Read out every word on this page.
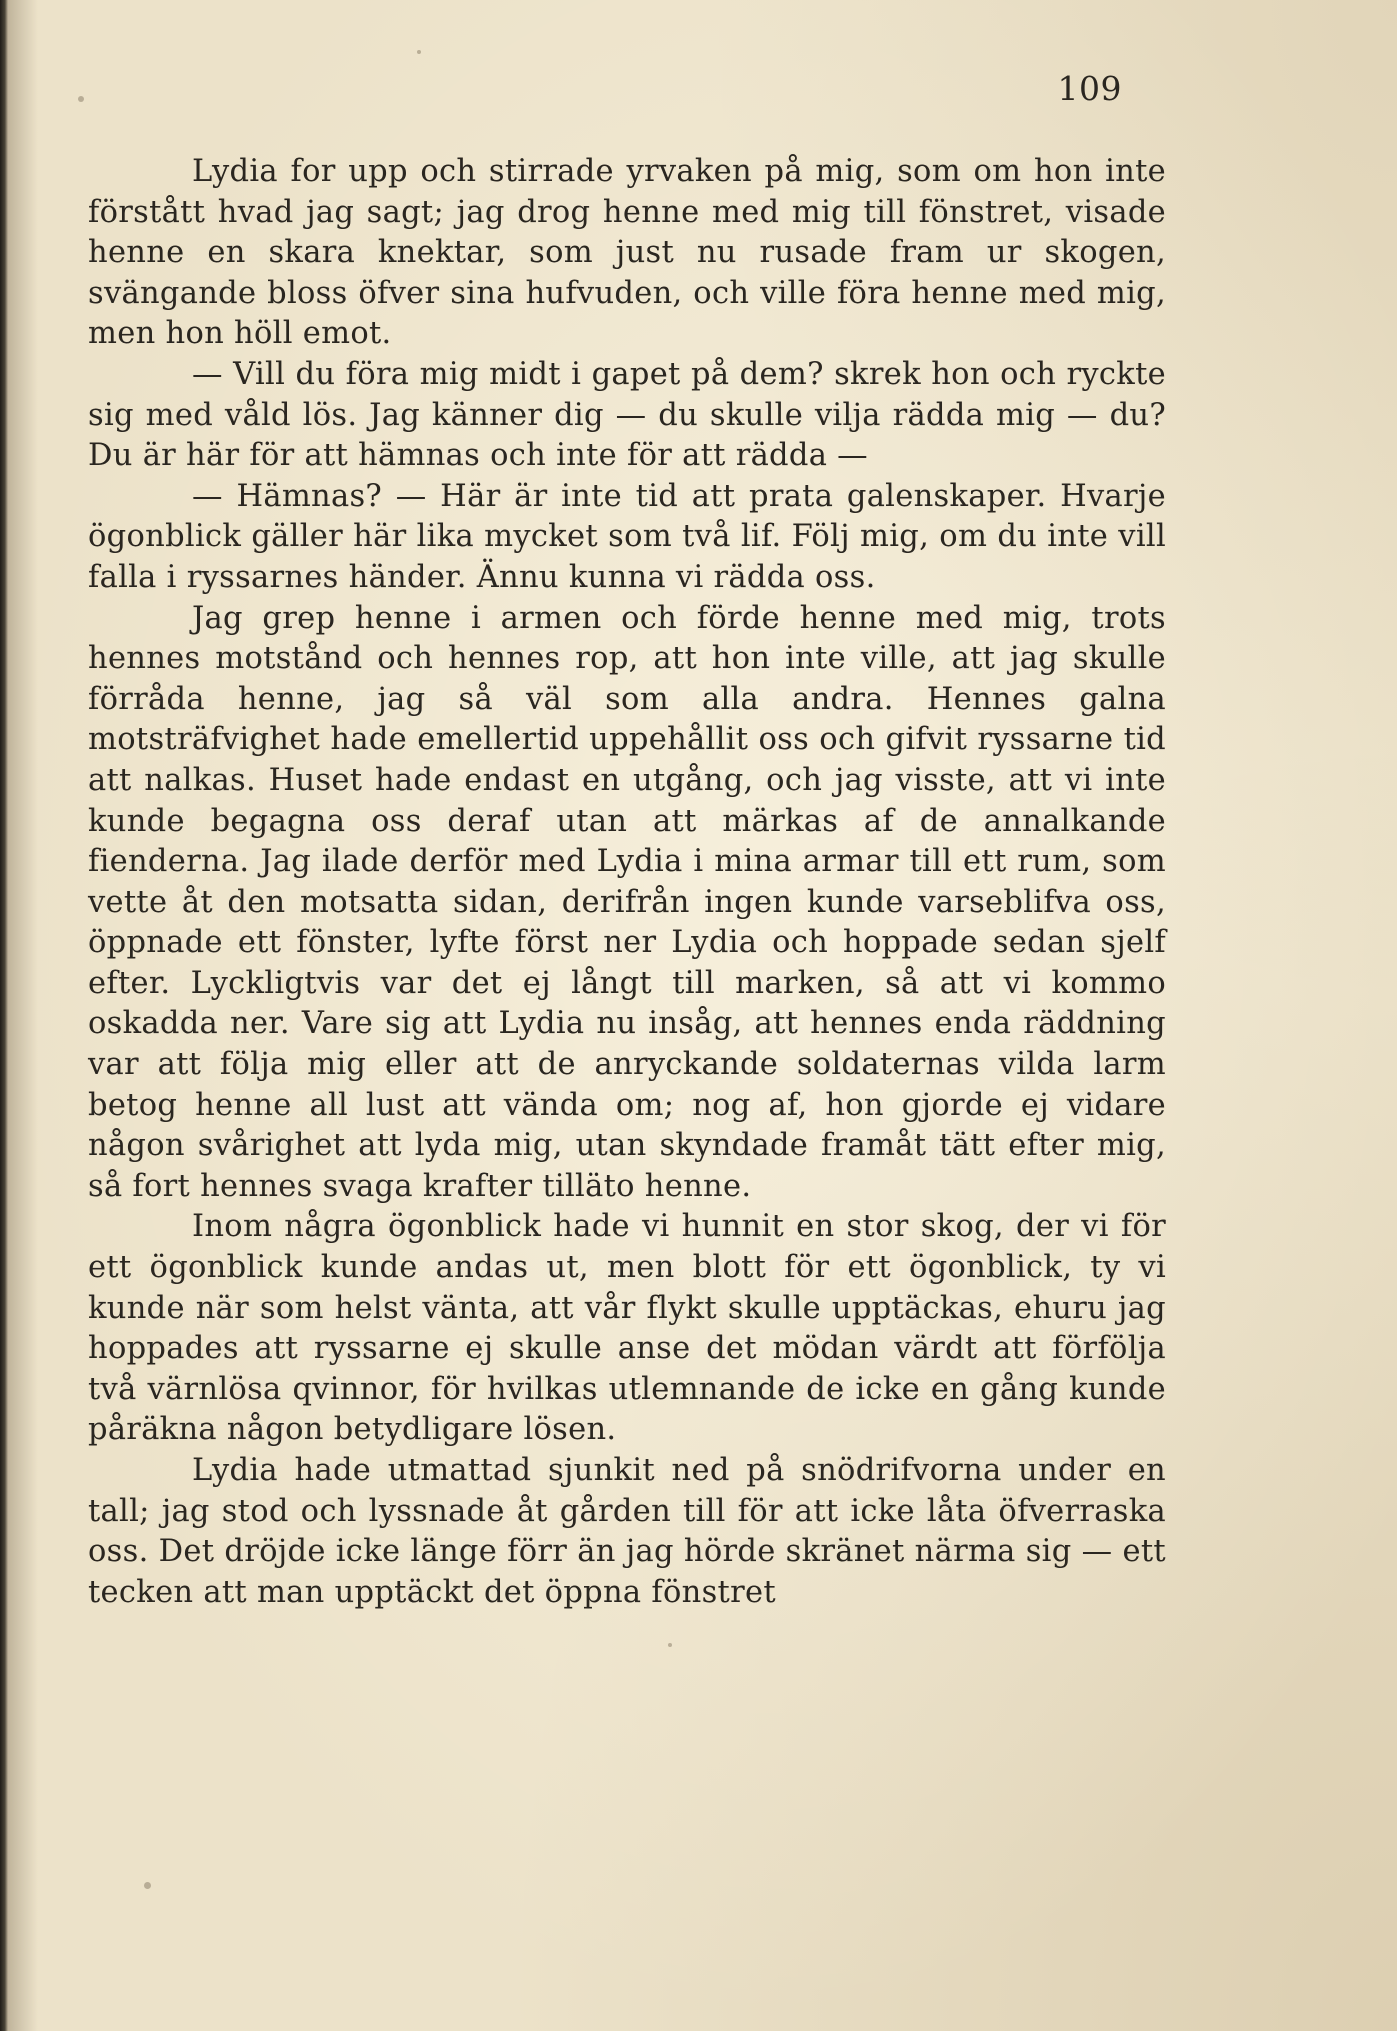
109

Lydia for upp och stirrade yrvaken på mig, som om hon inte förstått hvad jag sagt; jag drog henne med mig till fönstret, visade henne en skara knektar, som just nu rusade fram ur skogen, svängande bloss öfver sina hufvuden, och ville föra henne med mig, men hon höll emot.

— Vill du föra mig midt i gapet på dem? skrek hon och ryckte sig med våld lös. Jag känner dig — du skulle vilja rädda mig — du? Du är här för att hämnas och inte för att rädda —

— Hämnas? — Här är inte tid att prata galenskaper. Hvarje ögonblick gäller här lika mycket som två lif. Följ mig, om du inte vill falla i ryssarnes händer. Ännu kunna vi rädda oss.

Jag grep henne i armen och förde henne med mig, trots hennes motstånd och hennes rop, att hon inte ville, att jag skulle förråda henne, jag så väl som alla andra. Hennes galna motsträfvighet hade emellertid uppehållit oss och gifvit ryssarne tid att nalkas. Huset hade endast en utgång, och jag visste, att vi inte kunde begagna oss deraf utan att märkas af de annalkande fienderna. Jag ilade derför med Lydia i mina armar till ett rum, som vette åt den motsatta sidan, derifrån ingen kunde varseblifva oss, öppnade ett fönster, lyfte först ner Lydia och hoppade sedan sjelf efter. Lyckligtvis var det ej långt till marken, så att vi kommo oskadda ner. Vare sig att Lydia nu insåg, att hennes enda räddning var att följa mig eller att de anryckande soldaternas vilda larm betog henne all lust att vända om; nog af, hon gjorde ej vidare någon svårighet att lyda mig, utan skyndade framåt tätt efter mig, så fort hennes svaga krafter tilläto henne.

Inom några ögonblick hade vi hunnit en stor skog, der vi för ett ögonblick kunde andas ut, men blott för ett ögonblick, ty vi kunde när som helst vänta, att vår flykt skulle upptäckas, ehuru jag hoppades att ryssarne ej skulle anse det mödan värdt att förfölja två värnlösa qvinnor, för hvilkas utlemnande de icke en gång kunde påräkna någon betydligare lösen.

Lydia hade utmattad sjunkit ned på snödrifvorna under en tall; jag stod och lyssnade åt gården till för att icke låta öfverraska oss. Det dröjde icke länge förr än jag hörde skränet närma sig — ett tecken att man upptäckt det öppna fönstret
